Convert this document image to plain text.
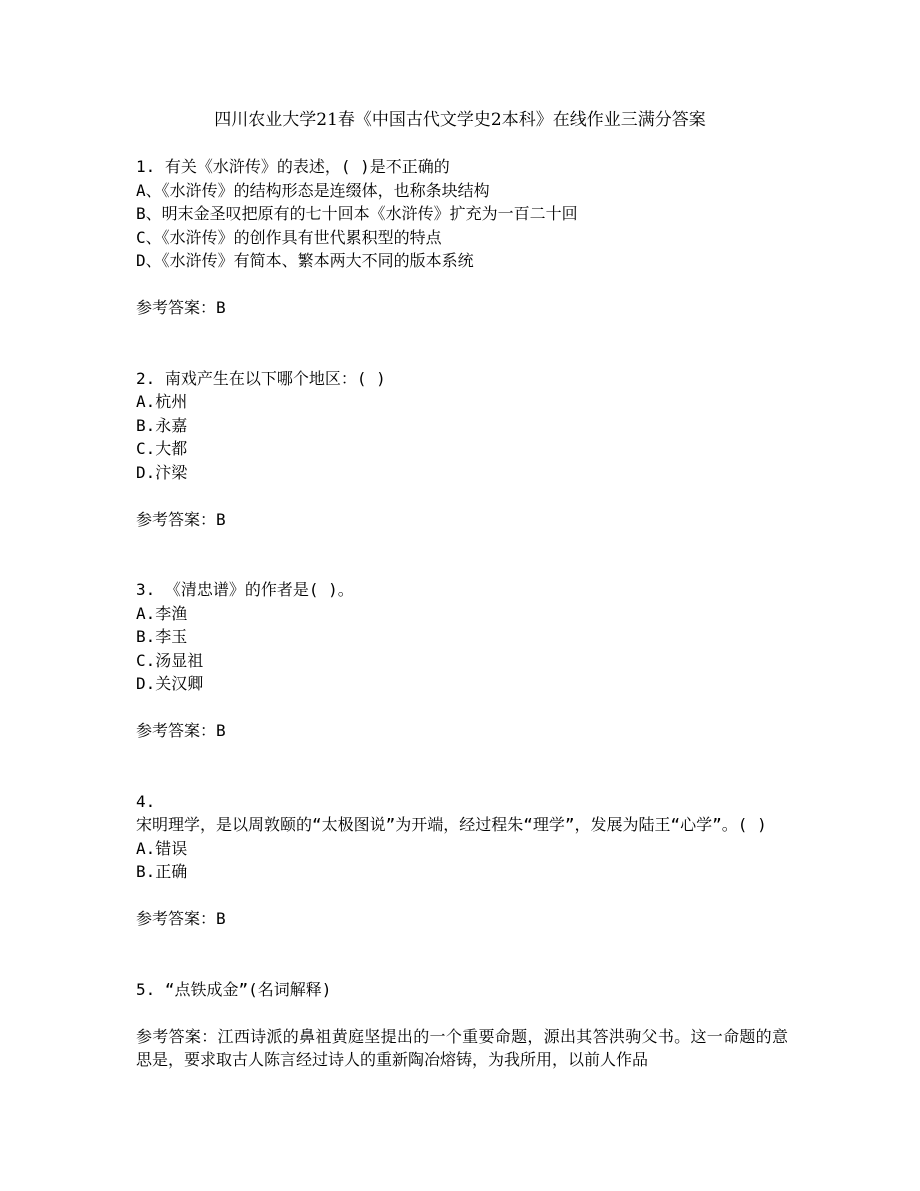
四川农业大学21春《中国古代文学史2本科》在线作业三满分答案
1. 有关《水浒传》的表述，( )是不正确的
A、《水浒传》的结构形态是连缀体，也称条块结构
B、明末金圣叹把原有的七十回本《水浒传》扩充为一百二十回
C、《水浒传》的创作具有世代累积型的特点
D、《水浒传》有简本、繁本两大不同的版本系统
参考答案：B
2. 南戏产生在以下哪个地区：( )
A.杭州
B.永嘉
C.大都
D.汴梁
参考答案：B
3. 《清忠谱》的作者是( )。
A.李渔
B.李玉
C.汤显祖
D.关汉卿
参考答案：B
4.
宋明理学，是以周敦颐的“太极图说”为开端，经过程朱“理学”，发展为陆王“心学”。( )
A.错误
B.正确
参考答案：B
5. “点铁成金”(名词解释)
参考答案：江西诗派的鼻祖黄庭坚提出的一个重要命题，源出其答洪驹父书。这一命题的意思是，要求取古人陈言经过诗人的重新陶冶熔铸，为我所用，以前人作品
